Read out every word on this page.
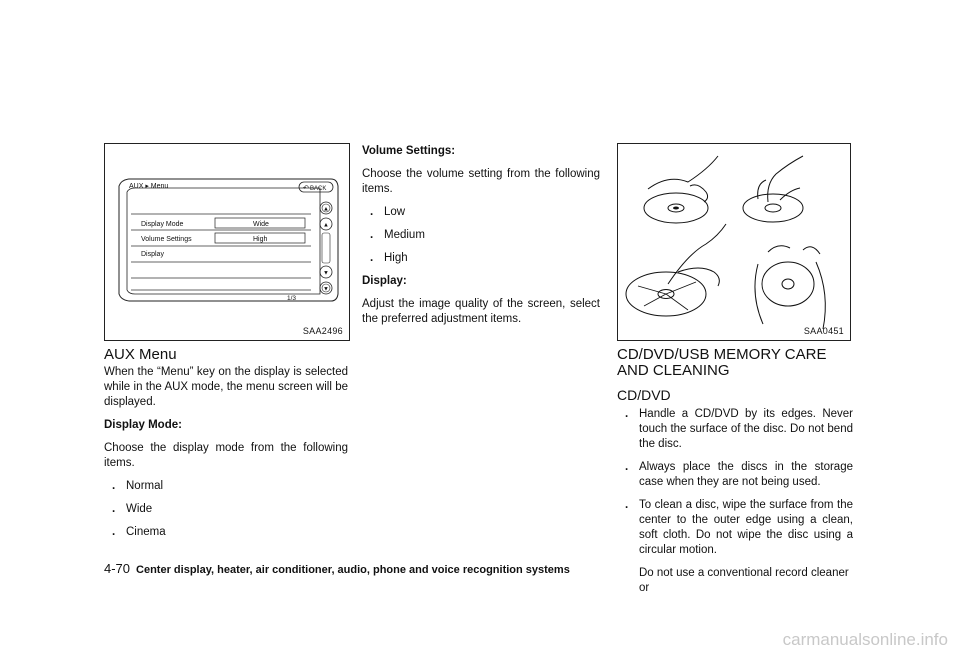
AUX ▸ Menu	↶ BACK
Display Mode	Wide
Volume Settings	High
Display
▲
▲
▼
▼
1/3
SAA2496
AUX Menu

When the “Menu” key on the display is selected while in the AUX mode, the menu screen will be displayed.

Display Mode:

Choose the display mode from the following items.

. Normal

. Wide

. Cinema

Volume Settings:

Choose the volume setting from the following items.

. Low

. Medium

. High

Display:

Adjust the image quality of the screen, select the preferred adjustment items.

SAA0451
CD/DVD/USB MEMORY CARE AND CLEANING
CD/DVD

. Handle a CD/DVD by its edges. Never touch the surface of the disc. Do not bend the disc.

. Always place the discs in the storage case when they are not being used.

. To clean a disc, wipe the surface from the center to the outer edge using a clean, soft cloth. Do not wipe the disc using a circular motion.

Do not use a conventional record cleaner or

4-70 Center display, heater, air conditioner, audio, phone and voice recognition systems
carmanualsonline.info
